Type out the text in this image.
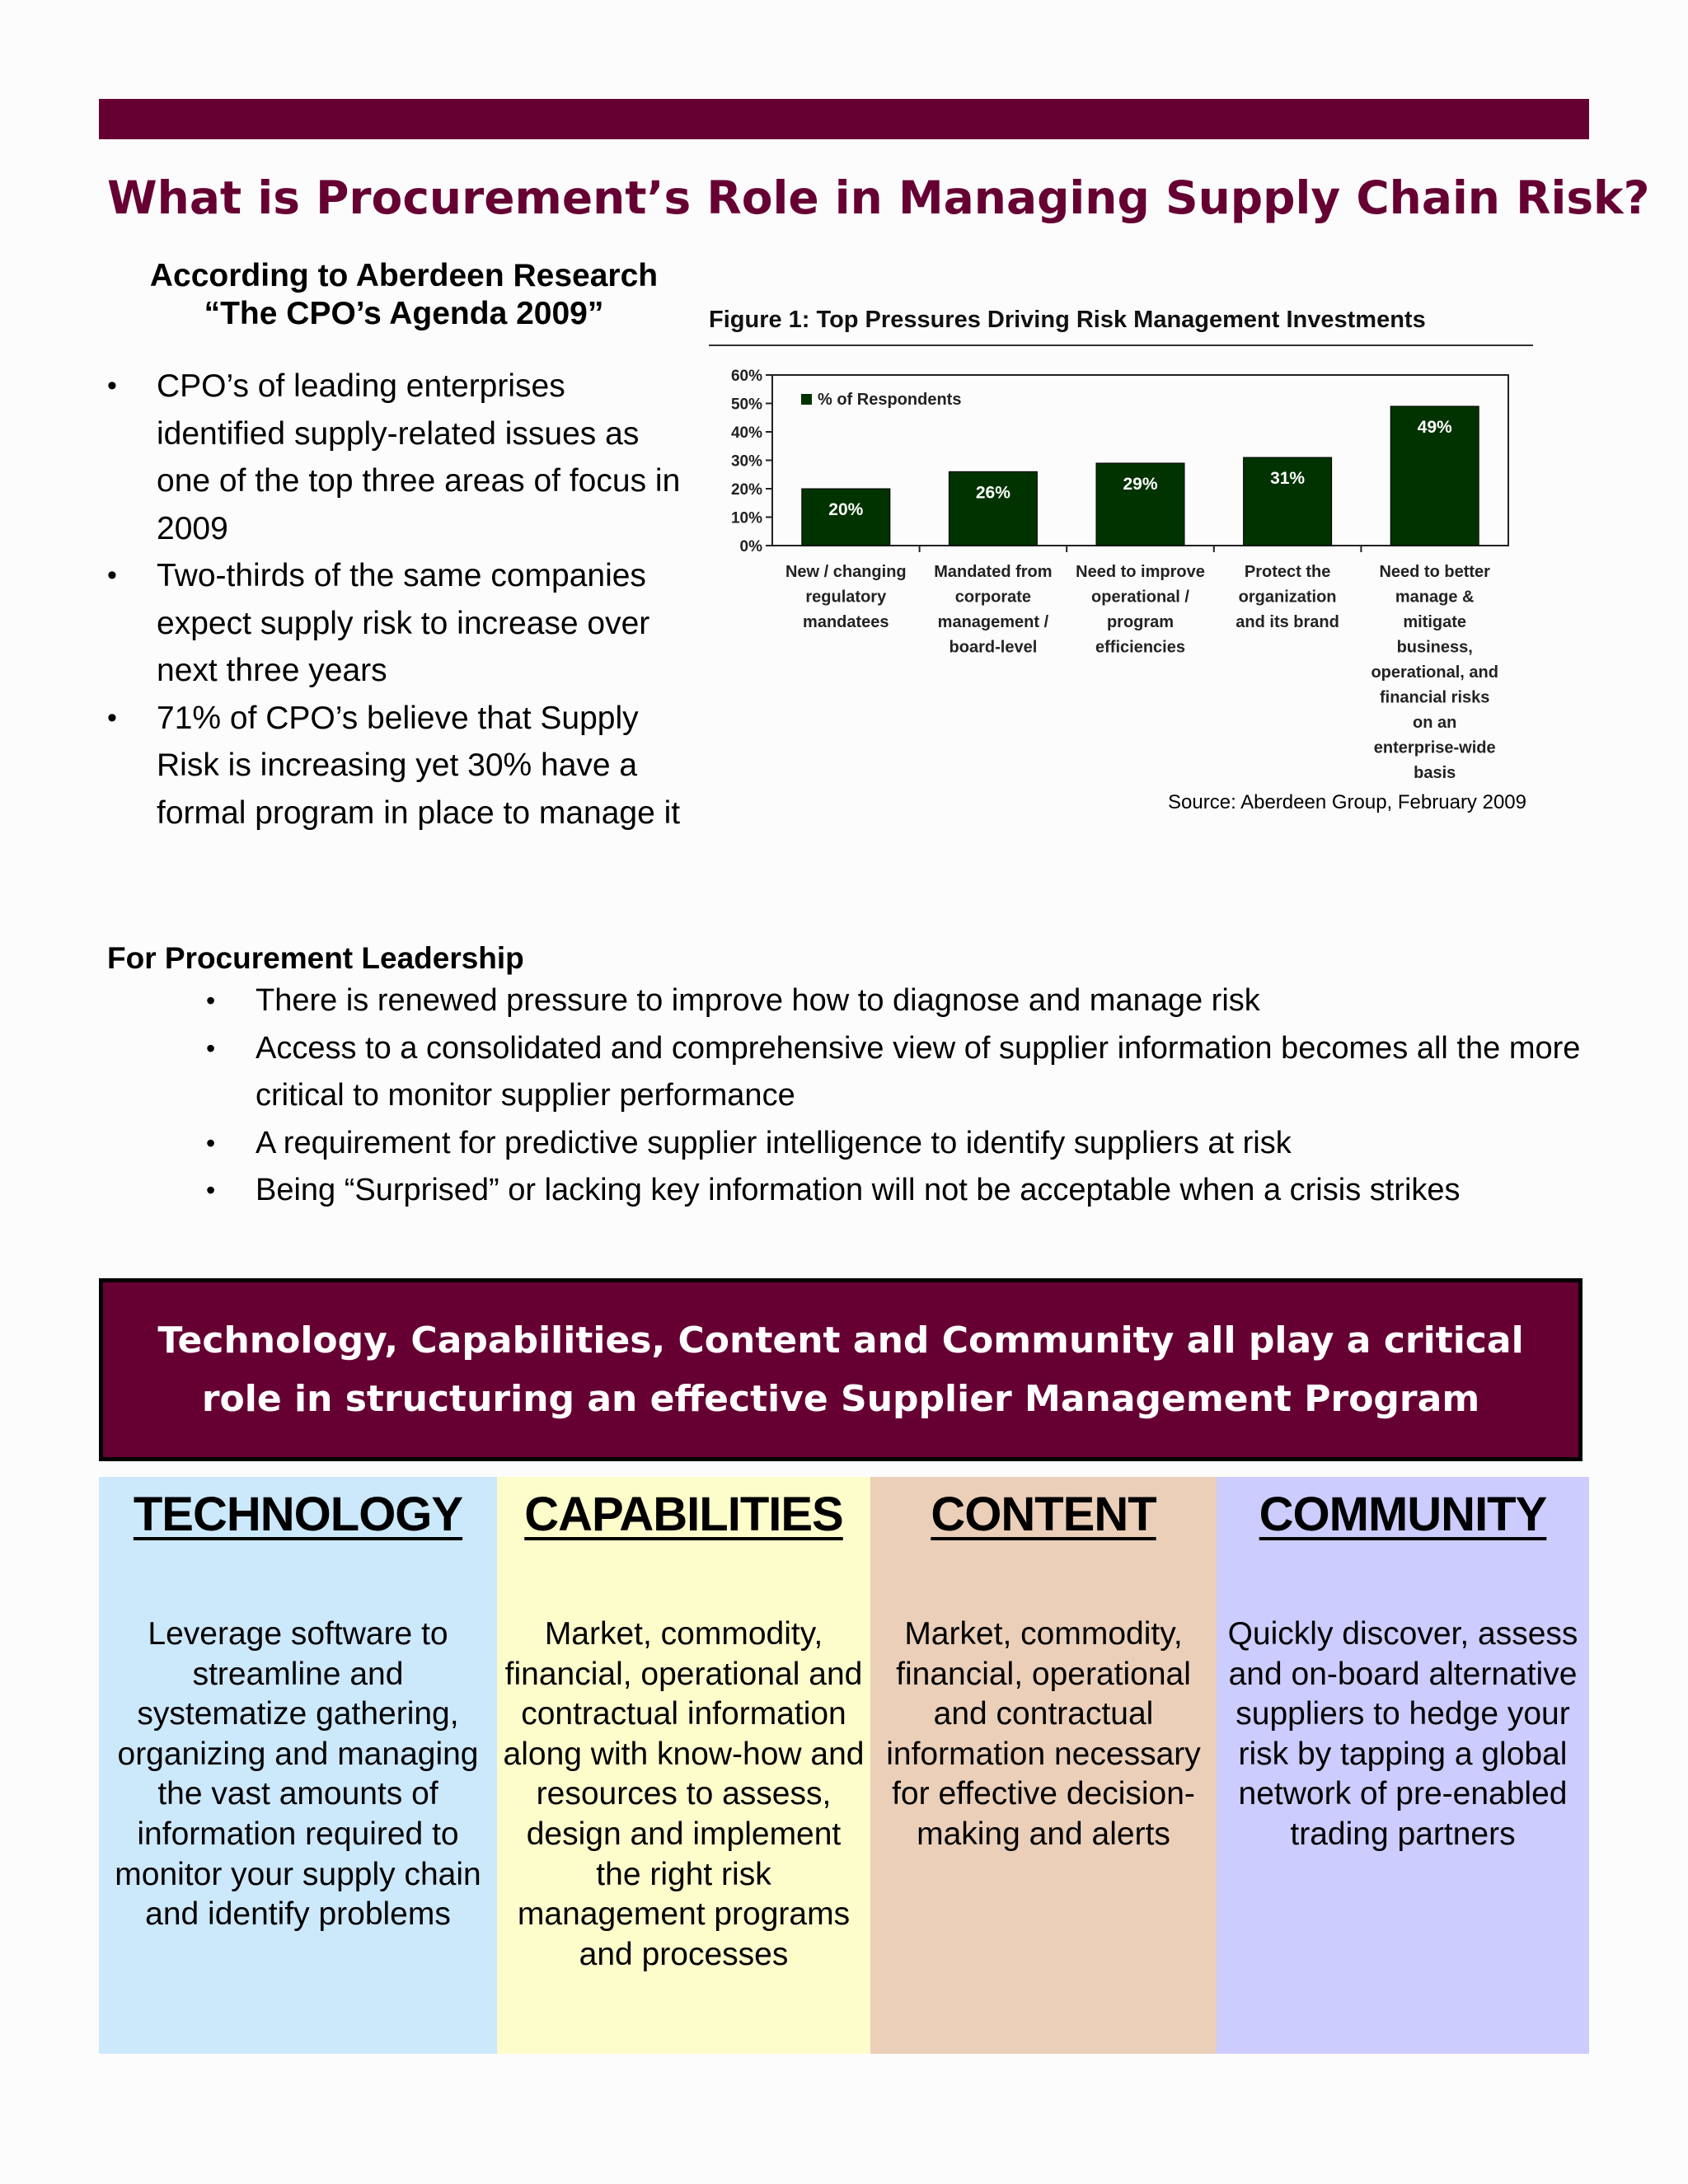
What is Procurement’s Role in Managing Supply Chain Risk?
According to Aberdeen Research
“The CPO’s Agenda 2009”
• CPO’s of leading enterprises identified supply-related issues as one of the top three areas of focus in 2009
• Two-thirds of the same companies expect supply risk to increase over next three years
• 71% of CPO’s believe that Supply Risk is increasing yet 30% have a formal program in place to manage it
Figure 1: Top Pressures Driving Risk Management Investments
0%
10%
20%
30%
40%
50%
60%
20%
New / changing
regulatory
mandatees
26%
Mandated from
corporate
management /
board-level
29%
Need to improve
operational /
program
efficiencies
31%
Protect the
organization
and its brand
49%
Need to better
manage &
mitigate
business,
operational, and
financial risks
on an
enterprise-wide
basis
% of Respondents
Source: Aberdeen Group, February 2009
For Procurement Leadership
• There is renewed pressure to improve how to diagnose and manage risk
• Access to a consolidated and comprehensive view of supplier information becomes all the more critical to monitor supplier performance
• A requirement for predictive supplier intelligence to identify suppliers at risk
• Being “Surprised” or lacking key information will not be acceptable when a crisis strikes
Technology, Capabilities, Content and Community all play a critical role in structuring an effective Supplier Management Program
TECHNOLOGY

Leverage software to streamline and systematize gathering, organizing and managing the vast amounts of information required to monitor your supply chain and identify problems

CAPABILITIES

Market, commodity, financial, operational and contractual information along with know-how and resources to assess, design and implement the right risk management programs and processes

CONTENT

Market, commodity, financial, operational and contractual information necessary for effective decision-making and alerts

COMMUNITY

Quickly discover, assess and on-board alternative suppliers to hedge your risk by tapping a global network of pre-enabled trading partners
